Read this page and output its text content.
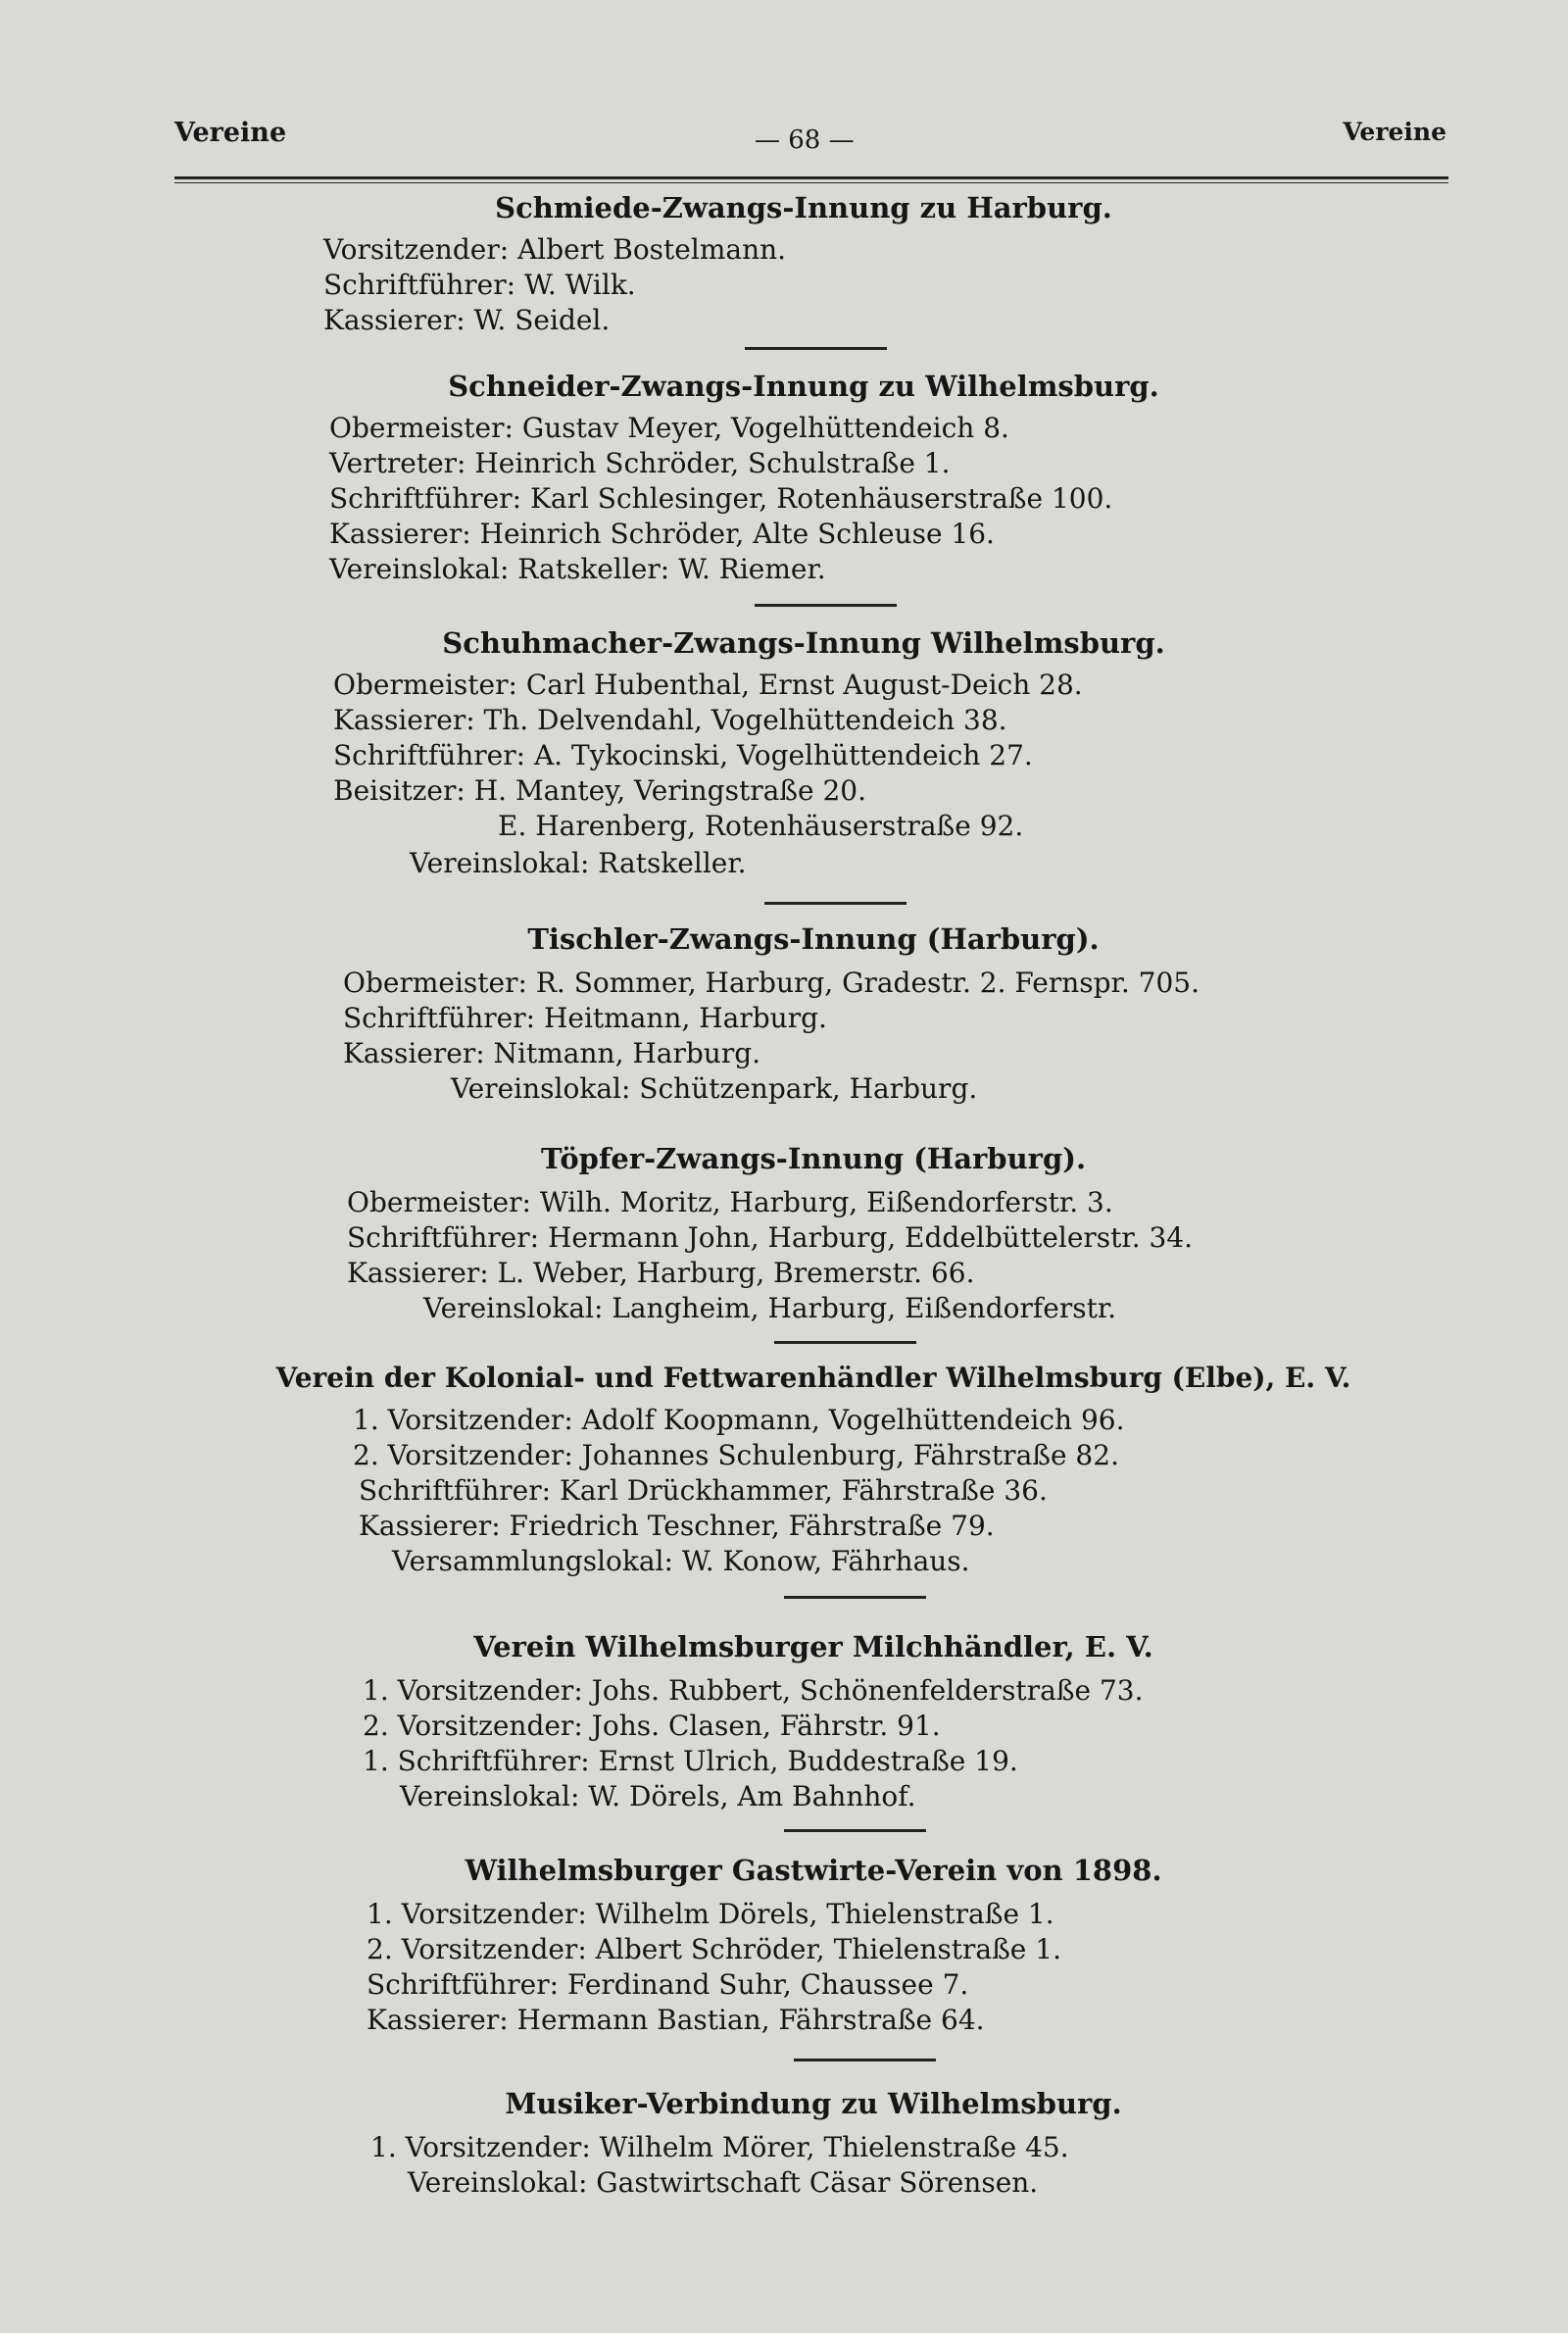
Vereine	— 68 —	Vereine
Schmiede-Zwangs-Innung zu Harburg.
Vorsitzender: Albert Bostelmann.
Schriftführer: W. Wilk.
Kassierer: W. Seidel.
Schneider-Zwangs-Innung zu Wilhelmsburg.
Obermeister: Gustav Meyer, Vogelhüttendeich 8.
Vertreter: Heinrich Schröder, Schulstraße 1.
Schriftführer: Karl Schlesinger, Rotenhäuserstraße 100.
Kassierer: Heinrich Schröder, Alte Schleuse 16.
Vereinslokal: Ratskeller: W. Riemer.
Schuhmacher-Zwangs-Innung Wilhelmsburg.
Obermeister: Carl Hubenthal, Ernst August-Deich 28.
Kassierer: Th. Delvendahl, Vogelhüttendeich 38.
Schriftführer: A. Tykocinski, Vogelhüttendeich 27.
Beisitzer: H. Mantey, Veringstraße 20.
E. Harenberg, Rotenhäuserstraße 92.
Vereinslokal: Ratskeller.
Tischler-Zwangs-Innung (Harburg).
Obermeister: R. Sommer, Harburg, Gradestr. 2. Fernspr. 705.
Schriftführer: Heitmann, Harburg.
Kassierer: Nitmann, Harburg.
Vereinslokal: Schützenpark, Harburg.
Töpfer-Zwangs-Innung (Harburg).
Obermeister: Wilh. Moritz, Harburg, Eißendorferstr. 3.
Schriftführer: Hermann John, Harburg, Eddelbüttelerstr. 34.
Kassierer: L. Weber, Harburg, Bremerstr. 66.
Vereinslokal: Langheim, Harburg, Eißendorferstr.
Verein der Kolonial- und Fettwarenhändler Wilhelmsburg (Elbe), E. V.
1. Vorsitzender: Adolf Koopmann, Vogelhüttendeich 96.
2. Vorsitzender: Johannes Schulenburg, Fährstraße 82.
Schriftführer: Karl Drückhammer, Fährstraße 36.
Kassierer: Friedrich Teschner, Fährstraße 79.
Versammlungslokal: W. Konow, Fährhaus.
Verein Wilhelmsburger Milchhändler, E. V.
1. Vorsitzender: Johs. Rubbert, Schönenfelderstraße 73.
2. Vorsitzender: Johs. Clasen, Fährstr. 91.
1. Schriftführer: Ernst Ulrich, Buddestraße 19.
Vereinslokal: W. Dörels, Am Bahnhof.
Wilhelmsburger Gastwirte-Verein von 1898.
1. Vorsitzender: Wilhelm Dörels, Thielenstraße 1.
2. Vorsitzender: Albert Schröder, Thielenstraße 1.
Schriftführer: Ferdinand Suhr, Chaussee 7.
Kassierer: Hermann Bastian, Fährstraße 64.
Musiker-Verbindung zu Wilhelmsburg.
1. Vorsitzender: Wilhelm Mörer, Thielenstraße 45.
Vereinslokal: Gastwirtschaft Cäsar Sörensen.
